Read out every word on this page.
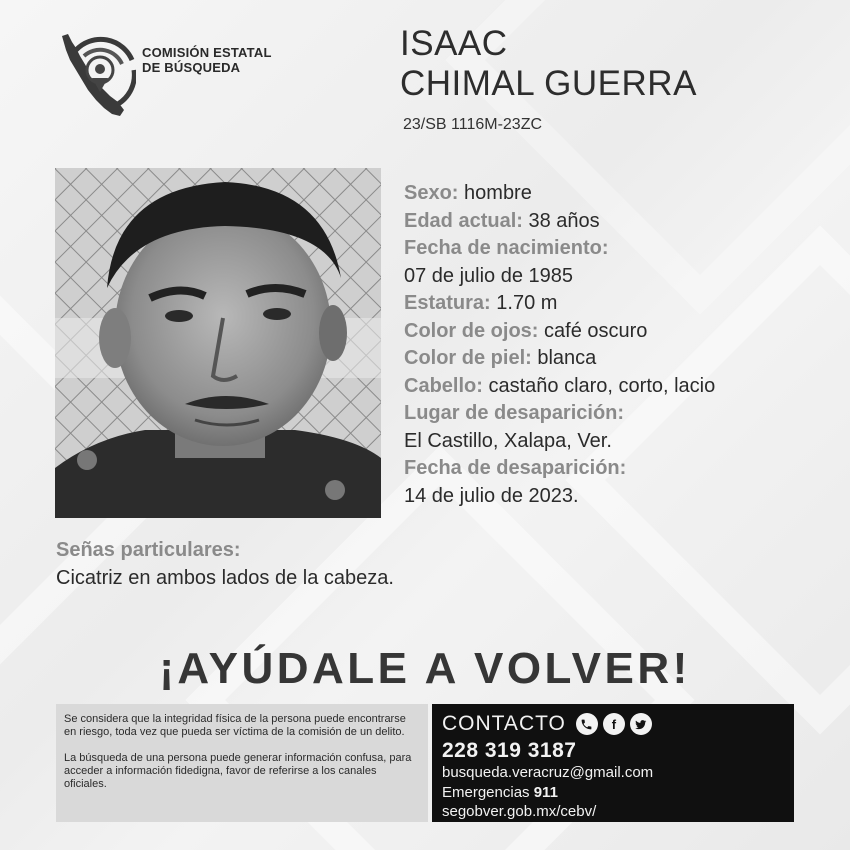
COMISIÓN ESTATAL
DE BÚSQUEDA
ISAAC
CHIMAL GUERRA
23/SB 1116M-23ZC
Sexo: hombre
Edad actual: 38 años
Fecha de nacimiento:
07 de julio de 1985
Estatura: 1.70 m
Color de ojos: café oscuro
Color de piel: blanca
Cabello: castaño claro, corto, lacio
Lugar de desaparición:
El Castillo, Xalapa, Ver.
Fecha de desaparición:
14 de julio de 2023.
Señas particulares:
Cicatriz en ambos lados de la cabeza.
¡AYÚDALE A VOLVER!

Se considera que la integridad física de la persona puede encontrarse en riesgo, toda vez que pueda ser víctima de la comisión de un delito.

La búsqueda de una persona puede generar información confusa, para acceder a información fidedigna, favor de referirse a los canales oficiales.

CONTACTO	f
228 319 3187
busqueda.veracruz@gmail.com
Emergencias 911
segobver.gob.mx/cebv/
